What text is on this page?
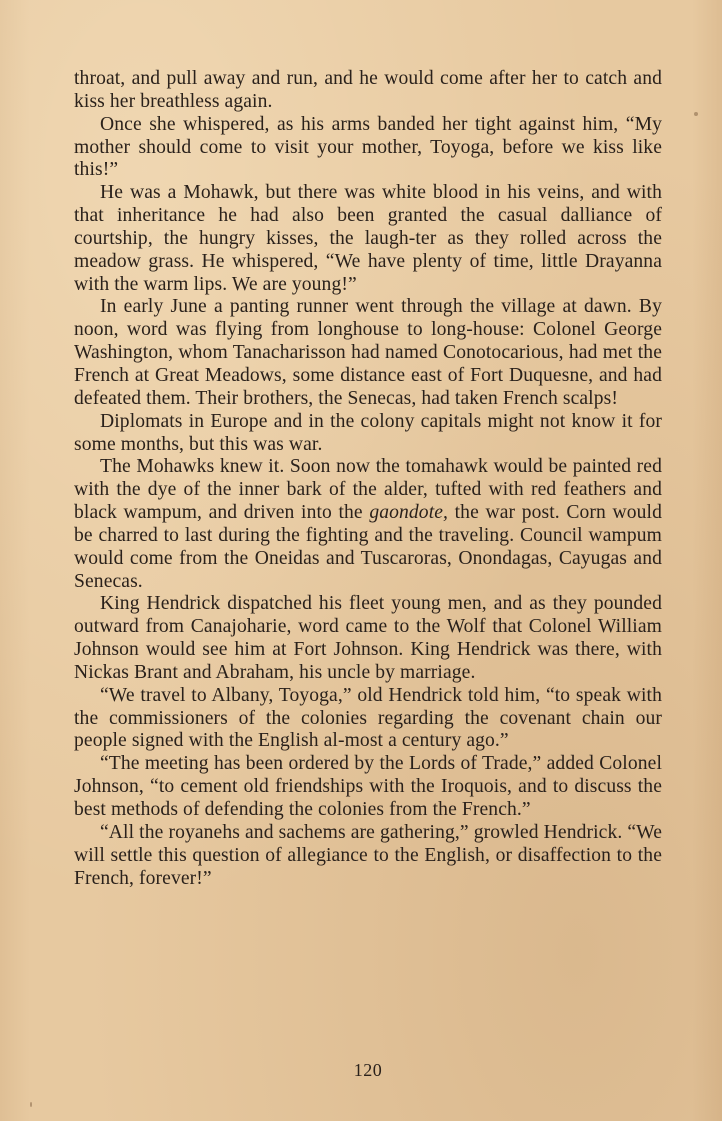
throat, and pull away and run, and he would come after her to catch and kiss her breathless again.

Once she whispered, as his arms banded her tight against him, “My mother should come to visit your mother, Toyoga, before we kiss like this!”

He was a Mohawk, but there was white blood in his veins, and with that inheritance he had also been granted the casual dalliance of courtship, the hungry kisses, the laugh-ter as they rolled across the meadow grass. He whispered, “We have plenty of time, little Drayanna with the warm lips. We are young!”

In early June a panting runner went through the village at dawn. By noon, word was flying from longhouse to long-house: Colonel George Washington, whom Tanacharisson had named Conotocarious, had met the French at Great Meadows, some distance east of Fort Duquesne, and had defeated them. Their brothers, the Senecas, had taken French scalps!

Diplomats in Europe and in the colony capitals might not know it for some months, but this was war.

The Mohawks knew it. Soon now the tomahawk would be painted red with the dye of the inner bark of the alder, tufted with red feathers and black wampum, and driven into the gaondote, the war post. Corn would be charred to last during the fighting and the traveling. Council wampum would come from the Oneidas and Tuscaroras, Onondagas, Cayugas and Senecas.

King Hendrick dispatched his fleet young men, and as they pounded outward from Canajoharie, word came to the Wolf that Colonel William Johnson would see him at Fort Johnson. King Hendrick was there, with Nickas Brant and Abraham, his uncle by marriage.

“We travel to Albany, Toyoga,” old Hendrick told him, “to speak with the commissioners of the colonies regarding the covenant chain our people signed with the English al-most a century ago.”

“The meeting has been ordered by the Lords of Trade,” added Colonel Johnson, “to cement old friendships with the Iroquois, and to discuss the best methods of defending the colonies from the French.”

“All the royanehs and sachems are gathering,” growled Hendrick. “We will settle this question of allegiance to the English, or disaffection to the French, forever!”

120
